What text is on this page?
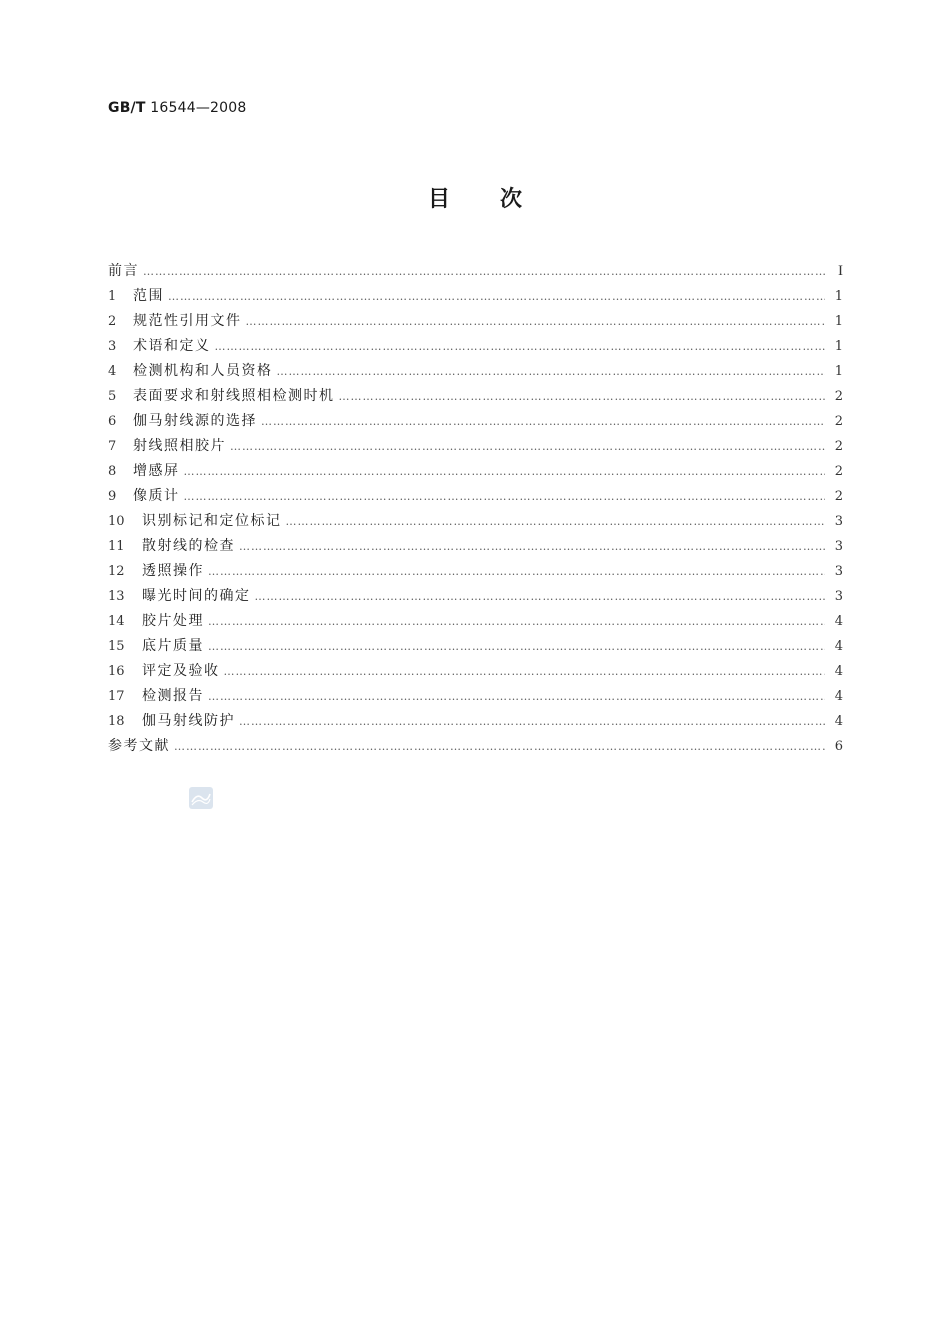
GB/T 16544—2008
目次
前言 ……………………………………………………………………………………………………………………………………………………………………………………………………………………………………	I
1	范围 ……………………………………………………………………………………………………………………………………………………………………………………………………………………………………	1
2	规范性引用文件 ……………………………………………………………………………………………………………………………………………………………………………………………………………………………………	1
3	术语和定义 ……………………………………………………………………………………………………………………………………………………………………………………………………………………………………	1
4	检测机构和人员资格 ……………………………………………………………………………………………………………………………………………………………………………………………………………………………………	1
5	表面要求和射线照相检测时机 ……………………………………………………………………………………………………………………………………………………………………………………………………………………………………	2
6	伽马射线源的选择 ……………………………………………………………………………………………………………………………………………………………………………………………………………………………………	2
7	射线照相胶片 ……………………………………………………………………………………………………………………………………………………………………………………………………………………………………	2
8	增感屏 ……………………………………………………………………………………………………………………………………………………………………………………………………………………………………	2
9	像质计 ……………………………………………………………………………………………………………………………………………………………………………………………………………………………………	2
10	识别标记和定位标记 ……………………………………………………………………………………………………………………………………………………………………………………………………………………………………	3
11	散射线的检查 ……………………………………………………………………………………………………………………………………………………………………………………………………………………………………	3
12	透照操作 ……………………………………………………………………………………………………………………………………………………………………………………………………………………………………	3
13	曝光时间的确定 ……………………………………………………………………………………………………………………………………………………………………………………………………………………………………	3
14	胶片处理 ……………………………………………………………………………………………………………………………………………………………………………………………………………………………………	4
15	底片质量 ……………………………………………………………………………………………………………………………………………………………………………………………………………………………………	4
16	评定及验收 ……………………………………………………………………………………………………………………………………………………………………………………………………………………………………	4
17	检测报告 ……………………………………………………………………………………………………………………………………………………………………………………………………………………………………	4
18	伽马射线防护 ……………………………………………………………………………………………………………………………………………………………………………………………………………………………………	4
参考文献 ……………………………………………………………………………………………………………………………………………………………………………………………………………………………………	6
